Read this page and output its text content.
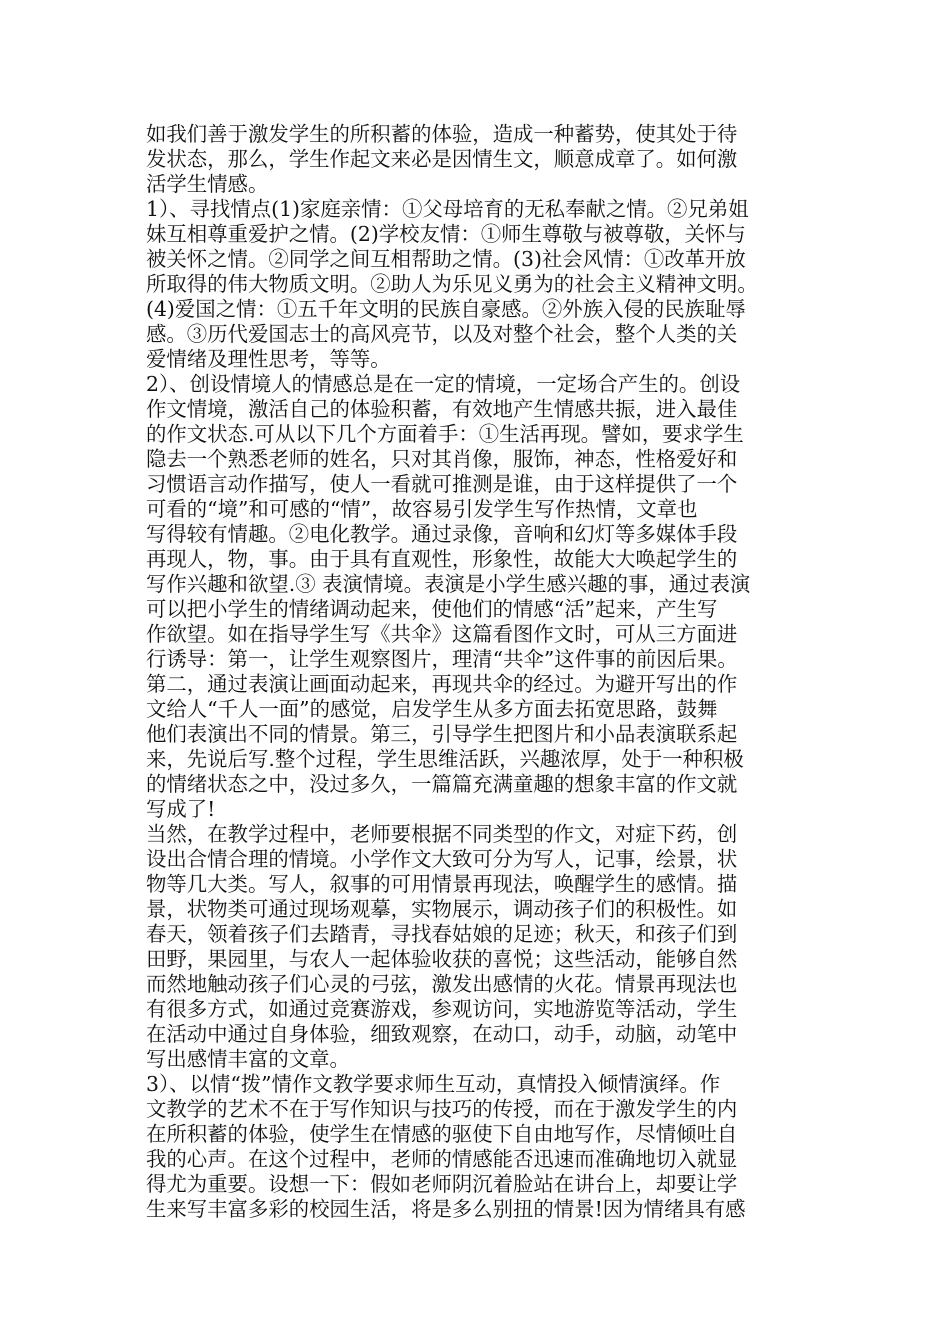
如我们善于激发学生的所积蓄的体验，造成一种蓄势，使其处于待
发状态，那么，学生作起文来必是因情生文，顺意成章了。如何激
活学生情感。
1）、寻找情点(1)家庭亲情：①父母培育的无私奉献之情。②兄弟姐
妹互相尊重爱护之情。(2)学校友情：①师生尊敬与被尊敬，关怀与
被关怀之情。②同学之间互相帮助之情。(3)社会风情：①改革开放
所取得的伟大物质文明。②助人为乐见义勇为的社会主义精神文明。
(4)爱国之情：①五千年文明的民族自豪感。②外族入侵的民族耻辱
感。③历代爱国志士的高风亮节，以及对整个社会，整个人类的关
爱情绪及理性思考，等等。
2）、创设情境人的情感总是在一定的情境，一定场合产生的。创设
作文情境，激活自己的体验积蓄，有效地产生情感共振，进入最佳
的作文状态.可从以下几个方面着手：①生活再现。譬如，要求学生
隐去一个熟悉老师的姓名，只对其肖像，服饰，神态，性格爱好和
习惯语言动作描写，使人一看就可推测是谁，由于这样提供了一个
可看的“境”和可感的“情”，故容易引发学生写作热情，文章也
写得较有情趣。②电化教学。通过录像，音响和幻灯等多媒体手段
再现人，物，事。由于具有直观性，形象性，故能大大唤起学生的
写作兴趣和欲望.③ 表演情境。表演是小学生感兴趣的事，通过表演
可以把小学生的情绪调动起来，使他们的情感“活”起来，产生写
作欲望。如在指导学生写《共伞》这篇看图作文时，可从三方面进
行诱导：第一，让学生观察图片，理清“共伞”这件事的前因后果。
第二，通过表演让画面动起来，再现共伞的经过。为避开写出的作
文给人“千人一面”的感觉，启发学生从多方面去拓宽思路，鼓舞
他们表演出不同的情景。第三，引导学生把图片和小品表演联系起
来，先说后写.整个过程，学生思维活跃，兴趣浓厚，处于一种积极
的情绪状态之中，没过多久，一篇篇充满童趣的想象丰富的作文就
写成了!
当然，在教学过程中，老师要根据不同类型的作文，对症下药，创
设出合情合理的情境。小学作文大致可分为写人，记事，绘景，状
物等几大类。写人，叙事的可用情景再现法，唤醒学生的感情。描
景，状物类可通过现场观摹，实物展示，调动孩子们的积极性。如
春天，领着孩子们去踏青，寻找春姑娘的足迹；秋天，和孩子们到
田野，果园里，与农人一起体验收获的喜悦；这些活动，能够自然
而然地触动孩子们心灵的弓弦，激发出感情的火花。情景再现法也
有很多方式，如通过竞赛游戏，参观访问，实地游览等活动，学生
在活动中通过自身体验，细致观察，在动口，动手，动脑，动笔中
写出感情丰富的文章。
3）、以情“拨”情作文教学要求师生互动，真情投入倾情演绎。作
文教学的艺术不在于写作知识与技巧的传授，而在于激发学生的内
在所积蓄的体验，使学生在情感的驱使下自由地写作，尽情倾吐自
我的心声。在这个过程中，老师的情感能否迅速而准确地切入就显
得尤为重要。设想一下：假如老师阴沉着脸站在讲台上，却要让学
生来写丰富多彩的校园生活，将是多么别扭的情景!因为情绪具有感
